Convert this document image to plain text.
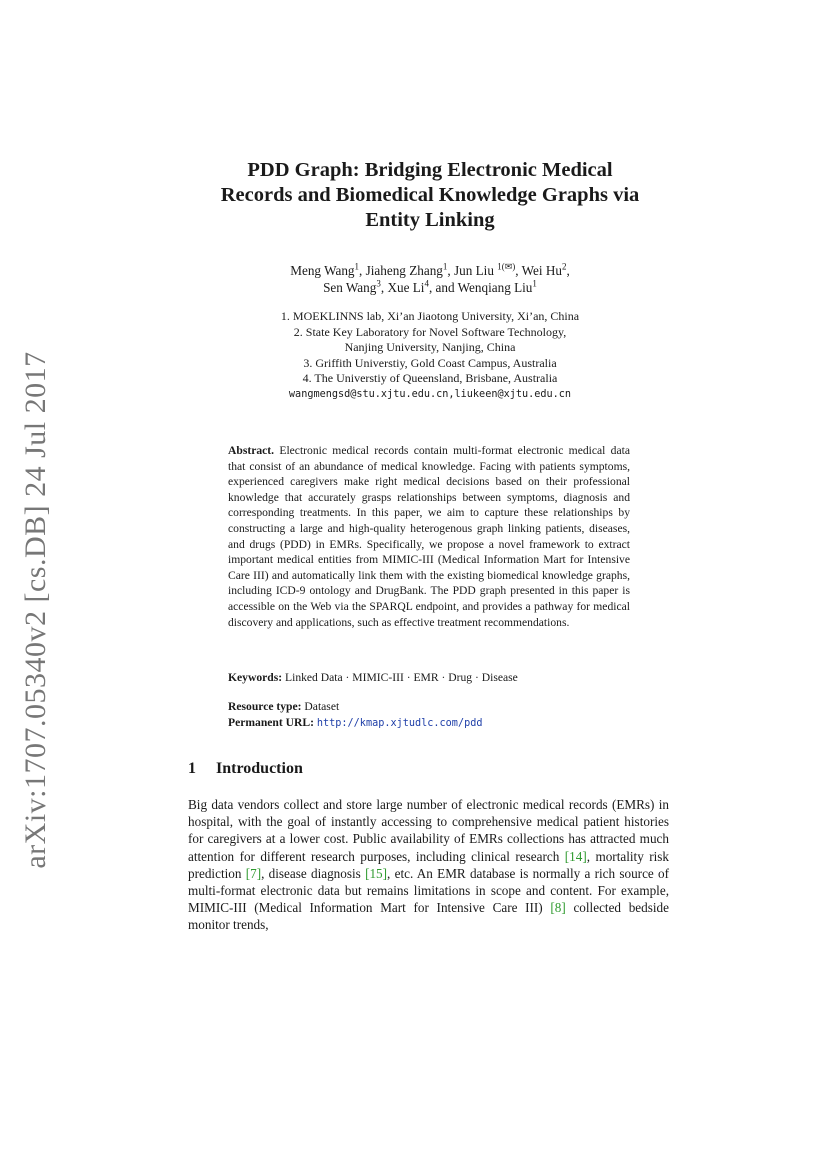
arXiv:1707.05340v2 [cs.DB] 24 Jul 2017
PDD Graph: Bridging Electronic Medical
Records and Biomedical Knowledge Graphs via
Entity Linking
Meng Wang$^1$, Jiaheng Zhang$^1$, Jun Liu $^{1(✉)}$, Wei Hu$^2$,
Sen Wang$^3$, Xue Li$^4$, and Wenqiang Liu$^1$
1. MOEKLINNS lab, Xi’an Jiaotong University, Xi’an, China
2. State Key Laboratory for Novel Software Technology,
Nanjing University, Nanjing, China
3. Griffith Universtiy, Gold Coast Campus, Australia
4. The Universtiy of Queensland, Brisbane, Australia
wangmengsd@stu.xjtu.edu.cn,liukeen@xjtu.edu.cn
Abstract. Electronic medical records contain multi-format electronic medical data that consist of an abundance of medical knowledge. Facing with patients symptoms, experienced caregivers make right medical decisions based on their professional knowledge that accurately grasps relationships between symptoms, diagnosis and corresponding treatments. In this paper, we aim to capture these relationships by constructing a large and high-quality heterogenous graph linking patients, diseases, and drugs (PDD) in EMRs. Specifically, we propose a novel framework to extract important medical entities from MIMIC-III (Medical Information Mart for Intensive Care III) and automatically link them with the existing biomedical knowledge graphs, including ICD-9 ontology and DrugBank. The PDD graph presented in this paper is accessible on the Web via the SPARQL endpoint, and provides a pathway for medical discovery and applications, such as effective treatment recommendations.
Keywords: Linked Data · MIMIC-III · EMR · Drug · Disease
Resource type: Dataset
Permanent URL: http://kmap.xjtudlc.com/pdd
1 Introduction
Big data vendors collect and store large number of electronic medical records (EMRs) in hospital, with the goal of instantly accessing to comprehensive medical patient histories for caregivers at a lower cost. Public availability of EMRs collections has attracted much attention for different research purposes, including clinical research [14], mortality risk prediction [7], disease diagnosis [15], etc. An EMR database is normally a rich source of multi-format electronic data but remains limitations in scope and content. For example, MIMIC-III (Medical Information Mart for Intensive Care III) [8] collected bedside monitor trends,
